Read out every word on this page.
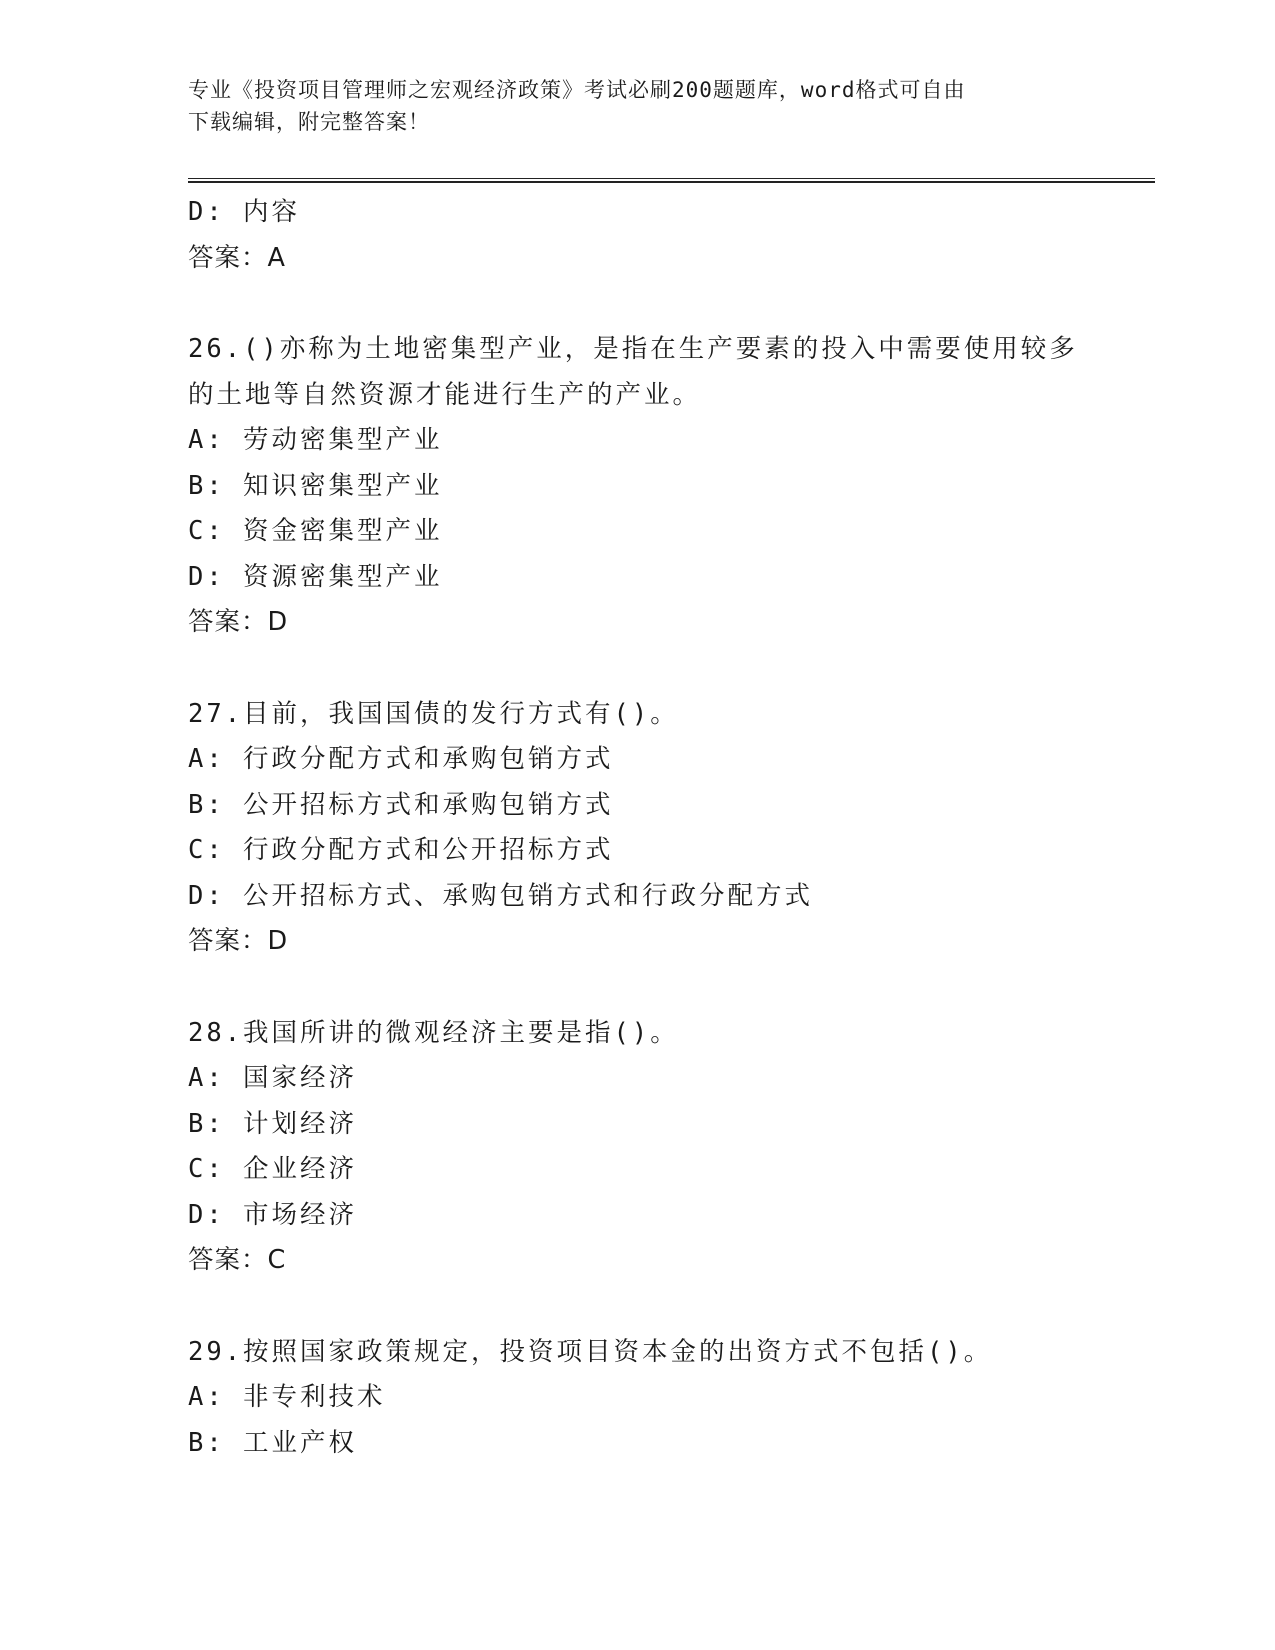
专业《投资项目管理师之宏观经济政策》考试必刷200题题库，word格式可自由
下载编辑，附完整答案！
D: 内容
答案：A
26.()亦称为土地密集型产业，是指在生产要素的投入中需要使用较多
的土地等自然资源才能进行生产的产业。
A: 劳动密集型产业
B: 知识密集型产业
C: 资金密集型产业
D: 资源密集型产业
答案：D
27.目前，我国国债的发行方式有()。
A: 行政分配方式和承购包销方式
B: 公开招标方式和承购包销方式
C: 行政分配方式和公开招标方式
D: 公开招标方式、承购包销方式和行政分配方式
答案：D
28.我国所讲的微观经济主要是指()。
A: 国家经济
B: 计划经济
C: 企业经济
D: 市场经济
答案：C
29.按照国家政策规定，投资项目资本金的出资方式不包括()。
A: 非专利技术
B: 工业产权
